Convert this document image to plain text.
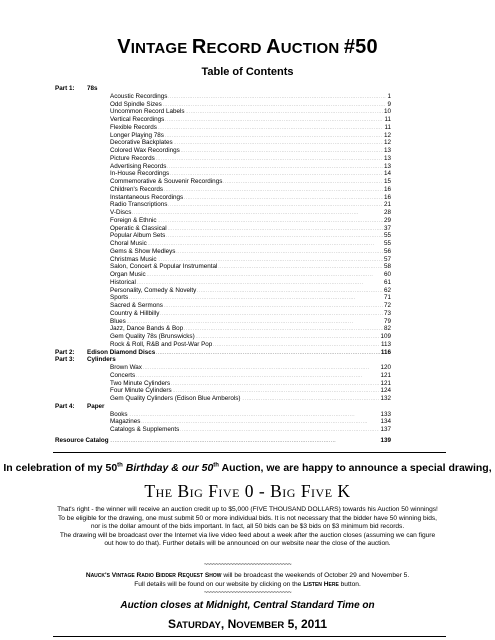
VINTAGE RECORD AUCTION #50
Table of Contents
Part 1:	78s
Acoustic Recordings . . .	1
Odd Spindle Sizes . . .	9
Uncommon Record Labels . . .	10
Vertical Recordings . . .	11
Flexible Records . . .	11
Longer Playing 78s . . .	12
Decorative Backplates . . .	12
Colored Wax Recordings . . .	13
Picture Records . . .	13
Advertising Records . . .	13
In-House Recordings . . .	14
Commemorative & Souvenir Recordings . . .	15
Children's Records . . .	16
Instantaneous Recordings . . .	16
Radio Transcriptions . . .	21
V-Discs . . .	28
Foreign & Ethnic . . .	29
Operatic & Classical . . .	37
Popular Album Sets . . .	55
Choral Music . . .	55
Gems & Show Medleys . . .	56
Christmas Music . . .	57
Salon, Concert & Popular Instrumental . . .	58
Organ Music . . .	60
Historical . . .	61
Personality, Comedy & Novelty . . .	62
Sports . . .	71
Sacred & Sermons . . .	72
Country & Hillbilly . . .	73
Blues . . .	79
Jazz, Dance Bands & Bop . . .	82
Gem Quality 78s (Brunswicks) . . .	109
Rock & Roll, R&B and Post-War Pop . . .	113
Part 2:	Edison Diamond Discs . . .	116
Part 3:	Cylinders
Brown Wax . . .	120
Concerts . . .	121
Two Minute Cylinders . . .	121
Four Minute Cylinders . . .	124
Gem Quality Cylinders (Edison Blue Amberols) . . .	132
Part 4:	Paper
Books . . .	133
Magazines . . .	134
Catalogs & Supplements . . .	137
Resource Catalog . . .	139
In celebration of my 50th Birthday & our 50th Auction, we are happy to announce a special drawing,
The Big Five 0 - Big Five K
That's right - the winner will receive an auction credit up to $5,000 (FIVE THOUSAND DOLLARS) towards his Auction 50 winnings!
To be eligible for the drawing, one must submit 50 or more individual bids. It is not necessary that the bidder have 50 winning bids,
nor is the dollar amount of the bids important. In fact, all 50 bids can be $3 bids on $3 minimum bid records.
The drawing will be broadcast over the Internet via live video feed about a week after the auction closes (assuming we can figure
out how to do that). Further details will be announced on our website near the close of the auction.
~~~~~~~~~~~~~~~~~~~~~~~~~~~~~~
Nauck's Vintage Radio Bidder Request Show will be broadcast the weekends of October 29 and November 5.
Full details will be found on our website by clicking on the Listen Here button.
~~~~~~~~~~~~~~~~~~~~~~~~~~~~~~
Auction closes at Midnight, Central Standard Time on
SATURDAY, NOVEMBER 5, 2011
